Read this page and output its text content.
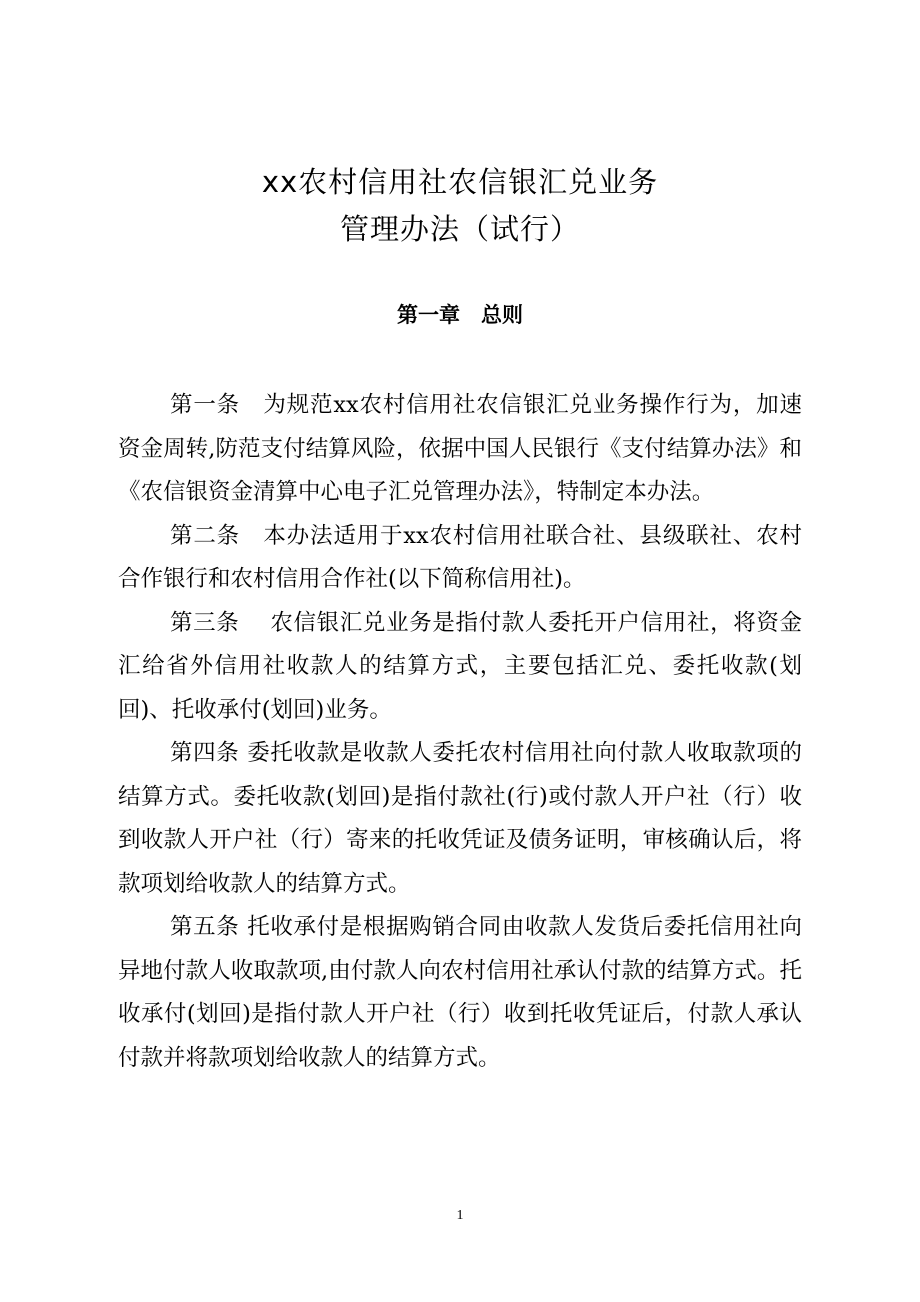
xx农村信用社农信银汇兑业务
管理办法（试行）
第一章　总则

第一条　为规范xx农村信用社农信银汇兑业务操作行为，加速资金周转,防范支付结算风险，依据中国人民银行《支付结算办法》和《农信银资金清算中心电子汇兑管理办法》，特制定本办法。

第二条　本办法适用于xx农村信用社联合社、县级联社、农村合作银行和农村信用合作社(以下简称信用社)。

第三条　 农信银汇兑业务是指付款人委托开户信用社，将资金汇给省外信用社收款人的结算方式，主要包括汇兑、委托收款(划回)、托收承付(划回)业务。

第四条 委托收款是收款人委托农村信用社向付款人收取款项的结算方式。委托收款(划回)是指付款社(行)或付款人开户社（行）收到收款人开户社（行）寄来的托收凭证及债务证明，审核确认后，将款项划给收款人的结算方式。

第五条 托收承付是根据购销合同由收款人发货后委托信用社向异地付款人收取款项,由付款人向农村信用社承认付款的结算方式。托收承付(划回)是指付款人开户社（行）收到托收凭证后，付款人承认付款并将款项划给收款人的结算方式。

1
